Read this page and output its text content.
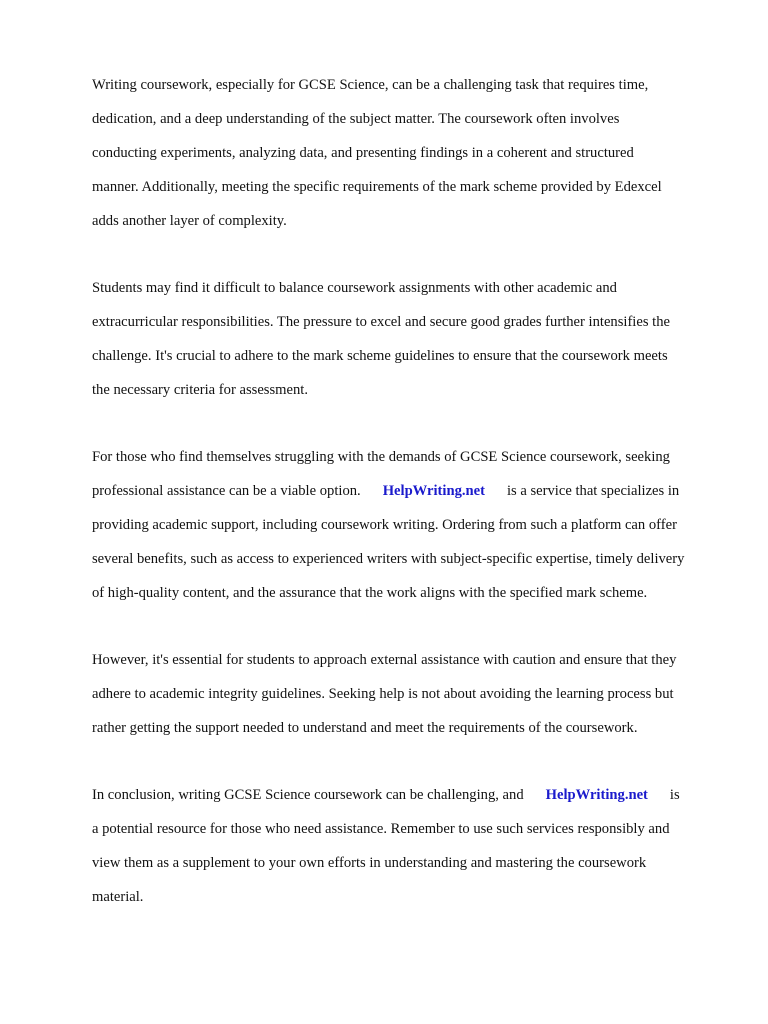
Writing coursework, especially for GCSE Science, can be a challenging task that requires time,

dedication, and a deep understanding of the subject matter. The coursework often involves

conducting experiments, analyzing data, and presenting findings in a coherent and structured

manner. Additionally, meeting the specific requirements of the mark scheme provided by Edexcel

adds another layer of complexity.

Students may find it difficult to balance coursework assignments with other academic and

extracurricular responsibilities. The pressure to excel and secure good grades further intensifies the

challenge. It's crucial to adhere to the mark scheme guidelines to ensure that the coursework meets

the necessary criteria for assessment.

For those who find themselves struggling with the demands of GCSE Science coursework, seeking

professional assistance can be a viable option. HelpWriting.net is a service that specializes in

providing academic support, including coursework writing. Ordering from such a platform can offer

several benefits, such as access to experienced writers with subject-specific expertise, timely delivery

of high-quality content, and the assurance that the work aligns with the specified mark scheme.

However, it's essential for students to approach external assistance with caution and ensure that they

adhere to academic integrity guidelines. Seeking help is not about avoiding the learning process but

rather getting the support needed to understand and meet the requirements of the coursework.

In conclusion, writing GCSE Science coursework can be challenging, and HelpWriting.net is

a potential resource for those who need assistance. Remember to use such services responsibly and

view them as a supplement to your own efforts in understanding and mastering the coursework

material.
